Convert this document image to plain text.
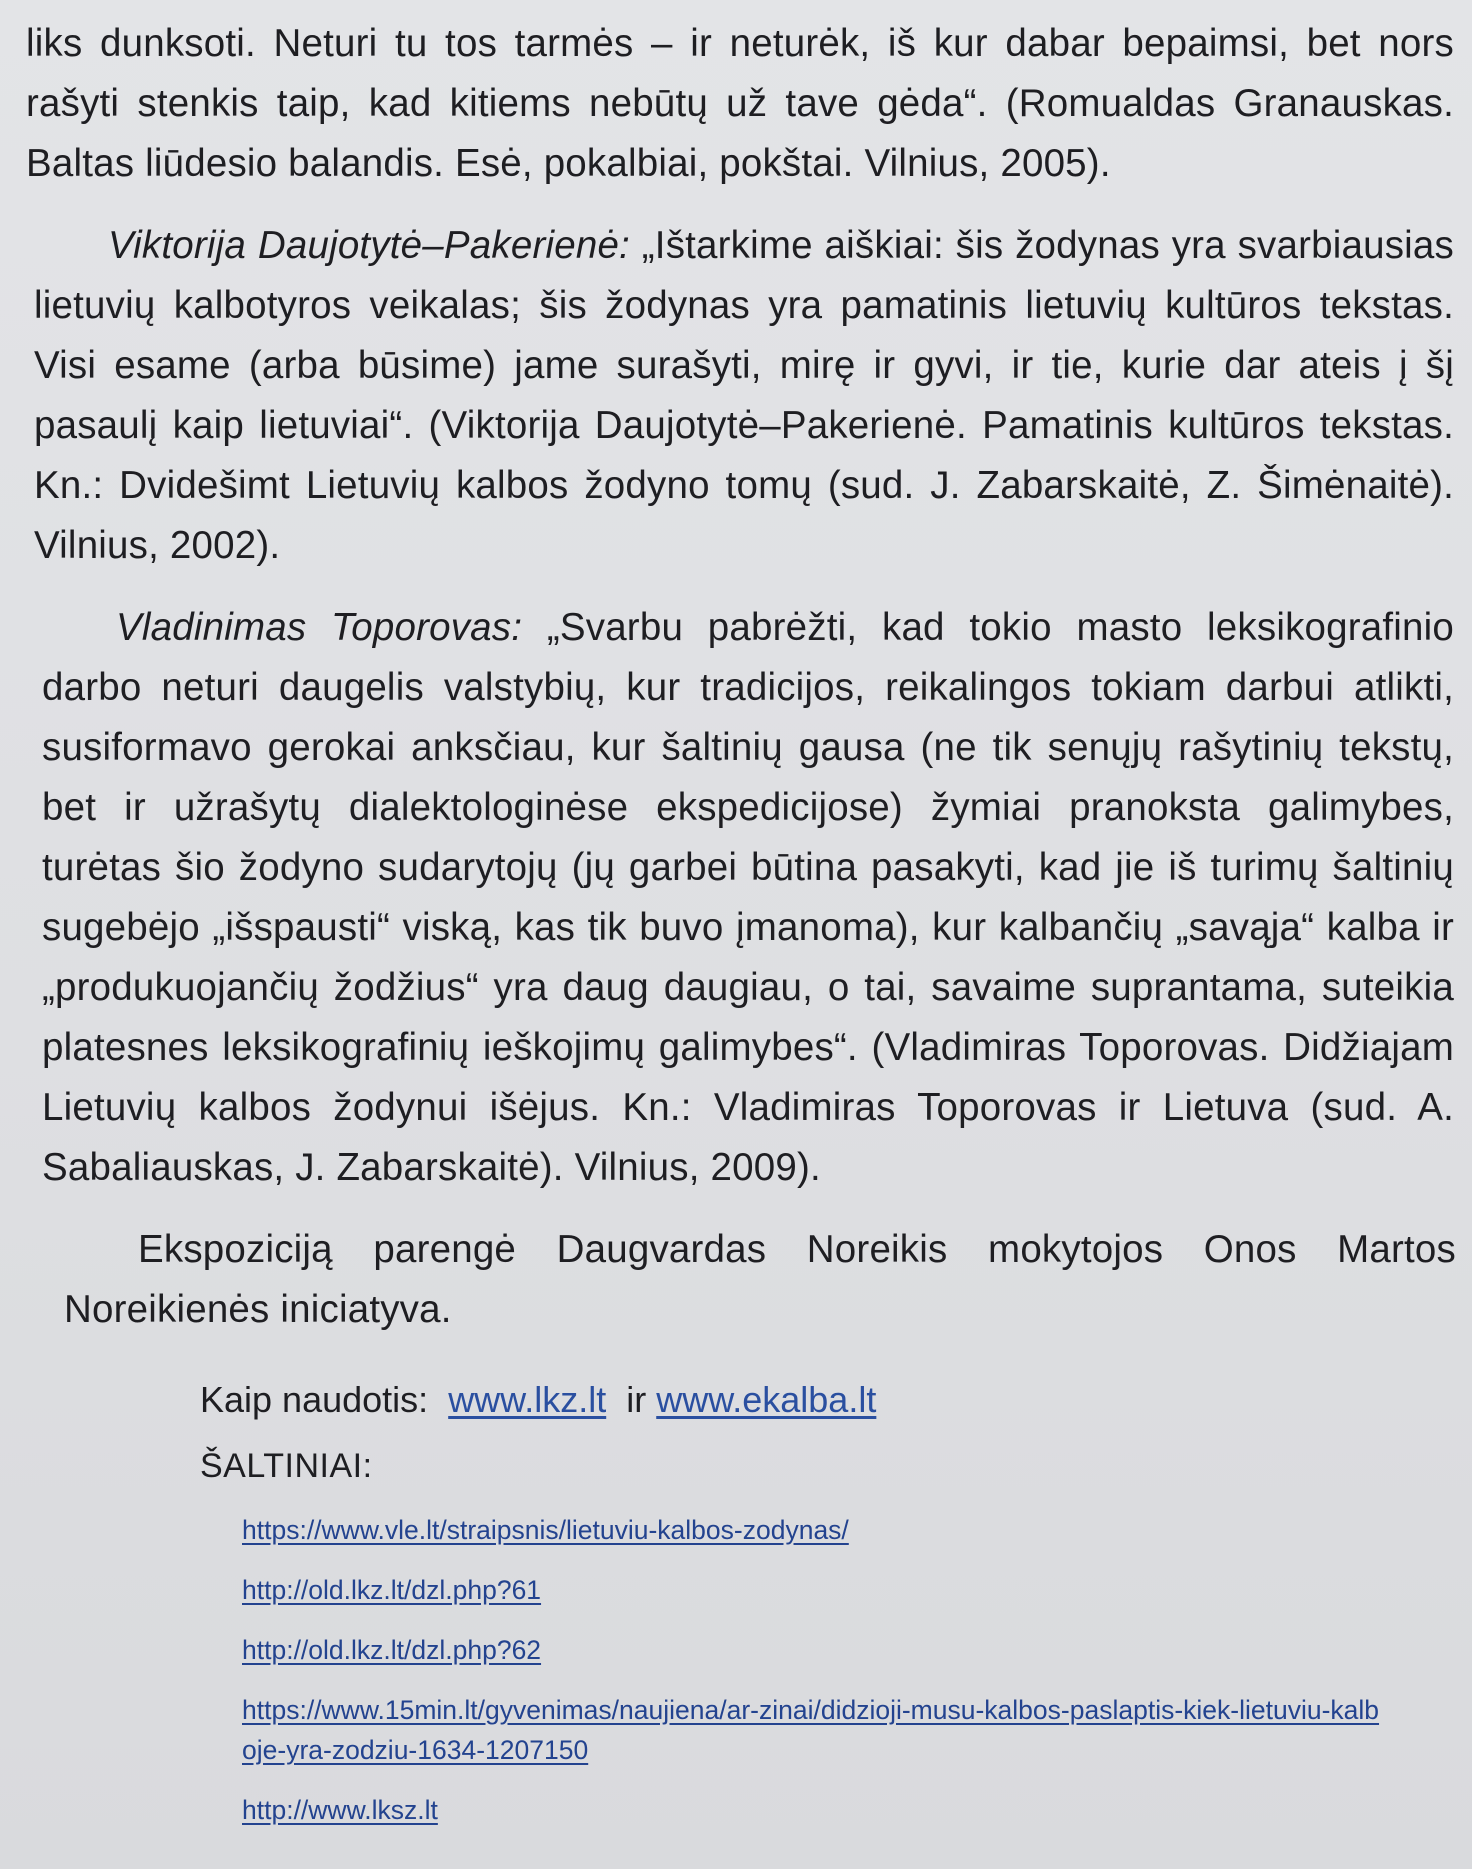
liks dunksoti. Neturi tu tos tarmės – ir neturėk, iš kur dabar bepaimsi, bet nors rašyti stenkis taip, kad kitiems nebūtų už tave gėda“. (Romualdas Granauskas. Baltas liūdesio balandis. Esė, pokalbiai, pokštai. Vilnius, 2005).

Viktorija Daujotytė–Pakerienė: „Ištarkime aiškiai: šis žodynas yra svarbiausias lietuvių kalbotyros veikalas; šis žodynas yra pamatinis lietuvių kultūros tekstas. Visi esame (arba būsime) jame surašyti, mirę ir gyvi, ir tie, kurie dar ateis į šį pasaulį kaip lietuviai“. (Viktorija Daujotytė–Pakerienė. Pamatinis kultūros tekstas. Kn.: Dvidešimt Lietuvių kalbos žodyno tomų (sud. J. Zabarskaitė, Z. Šimėnaitė). Vilnius, 2002).

Vladinimas Toporovas: „Svarbu pabrėžti, kad tokio masto leksikografinio darbo neturi daugelis valstybių, kur tradicijos, reikalingos tokiam darbui atlikti, susiformavo gerokai anksčiau, kur šaltinių gausa (ne tik senųjų rašytinių tekstų, bet ir užrašytų dialektologinėse ekspedicijose) žymiai pranoksta galimybes, turėtas šio žodyno sudarytojų (jų garbei būtina pasakyti, kad jie iš turimų šaltinių sugebėjo „išspausti“ viską, kas tik buvo įmanoma), kur kalbančių „savąja“ kalba ir „produkuojančių žodžius“ yra daug daugiau, o tai, savaime suprantama, suteikia platesnes leksikografinių ieškojimų galimybes“. (Vladimiras Toporovas. Didžiajam Lietuvių kalbos žodynui išėjus. Kn.: Vladimiras Toporovas ir Lietuva (sud. A. Sabaliauskas, J. Zabarskaitė). Vilnius, 2009).

Ekspoziciją parengė Daugvardas Noreikis mokytojos Onos Martos Noreikienės iniciatyva.

Kaip naudotis: www.lkz.lt ir www.ekalba.lt

ŠALTINIAI:

https://www.vle.lt/straipsnis/lietuviu-kalbos-zodynas/
http://old.lkz.lt/dzl.php?61
http://old.lkz.lt/dzl.php?62
https://www.15min.lt/gyvenimas/naujiena/ar-zinai/didzioji-musu-kalbos-paslaptis-kiek-lietuviu-kalboje-yra-zodziu-1634-1207150
http://www.lksz.lt
